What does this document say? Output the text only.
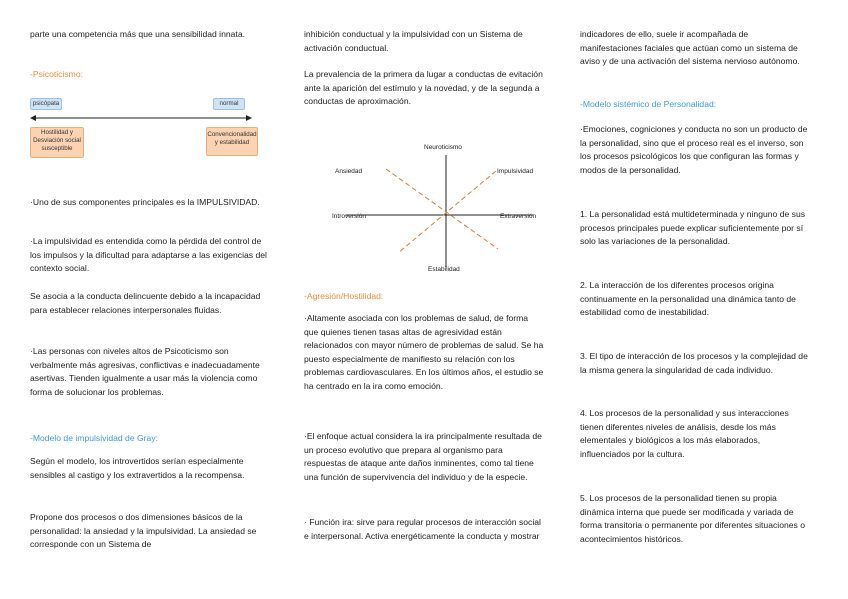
parte una competencia más que una sensibilidad innata.

-Psicoticismo:
psicópata	normal
Hostilidad y Desviación social susceptible
Convencionalidad y estabilidad

·Uno de sus componentes principales es la IMPULSIVIDAD.

·La impulsividad es entendida como la pérdida del control de los impulsos y la dificultad para adaptarse a las exigencias del contexto social.

Se asocia a la conducta delincuente debido a la incapacidad para establecer relaciones interpersonales fluidas.

·Las personas con niveles altos de Psicoticismo son verbalmente más agresivas, conflictivas e inadecuadamente asertivas. Tienden igualmente a usar más la violencia como forma de solucionar los problemas.

-Modelo de impulsividad de Gray:

Según el modelo, los introvertidos serían especialmente sensibles al castigo y los extravertidos a la recompensa.

Propone dos procesos o dos dimensiones básicos de la personalidad: la ansiedad y la impulsividad. La ansiedad se corresponde con un Sistema de

inhibición conductual y la impulsividad con un Sistema de activación conductual.

La prevalencia de la primera da lugar a conductas de evitación ante la aparición del estímulo y la novedad, y de la segunda a conductas de aproximación.

Neuroticismo
Estabilidad
Introversión	Extraversión
Ansiedad	Impulsividad
-Agresión/Hostilidad:

·Altamente asociada con los problemas de salud, de forma que quienes tienen tasas altas de agresividad están relacionados con mayor número de problemas de salud. Se ha puesto especialmente de manifiesto su relación con los problemas cardiovasculares. En los últimos años, el estudio se ha centrado en la ira como emoción.

·El enfoque actual considera la ira principalmente resultada de un proceso evolutivo que prepara al organismo para respuestas de ataque ante daños inminentes, como tal tiene una función de supervivencia del individuo y de la especie.

· Función ira: sirve para regular procesos de interacción social e interpersonal. Activa energéticamente la conducta y mostrar

indicadores de ello, suele ir acompañada de manifestaciones faciales que actúan como un sistema de aviso y de una activación del sistema nervioso autónomo.

-Modelo sistémico de Personalidad:

·Emociones, cogniciones y conducta no son un producto de la personalidad, sino que el proceso real es el inverso, son los procesos psicológicos los que configuran las formas y modos de la personalidad.

1. La personalidad está multideterminada y ninguno de sus procesos principales puede explicar suficientemente por sí solo las variaciones de la personalidad.

2. La interacción de los diferentes procesos origina continuamente en la personalidad una dinámica tanto de estabilidad como de inestabilidad.

3. El tipo de interacción de los procesos y la complejidad de la misma genera la singularidad de cada individuo.

4. Los procesos de la personalidad y sus interacciones tienen diferentes niveles de análisis, desde los más elementales y biológicos a los más elaborados, influenciados por la cultura.

5. Los procesos de la personalidad tienen su propia dinámica interna que puede ser modificada y variada de forma transitoria o permanente por diferentes situaciones o acontecimientos históricos.
